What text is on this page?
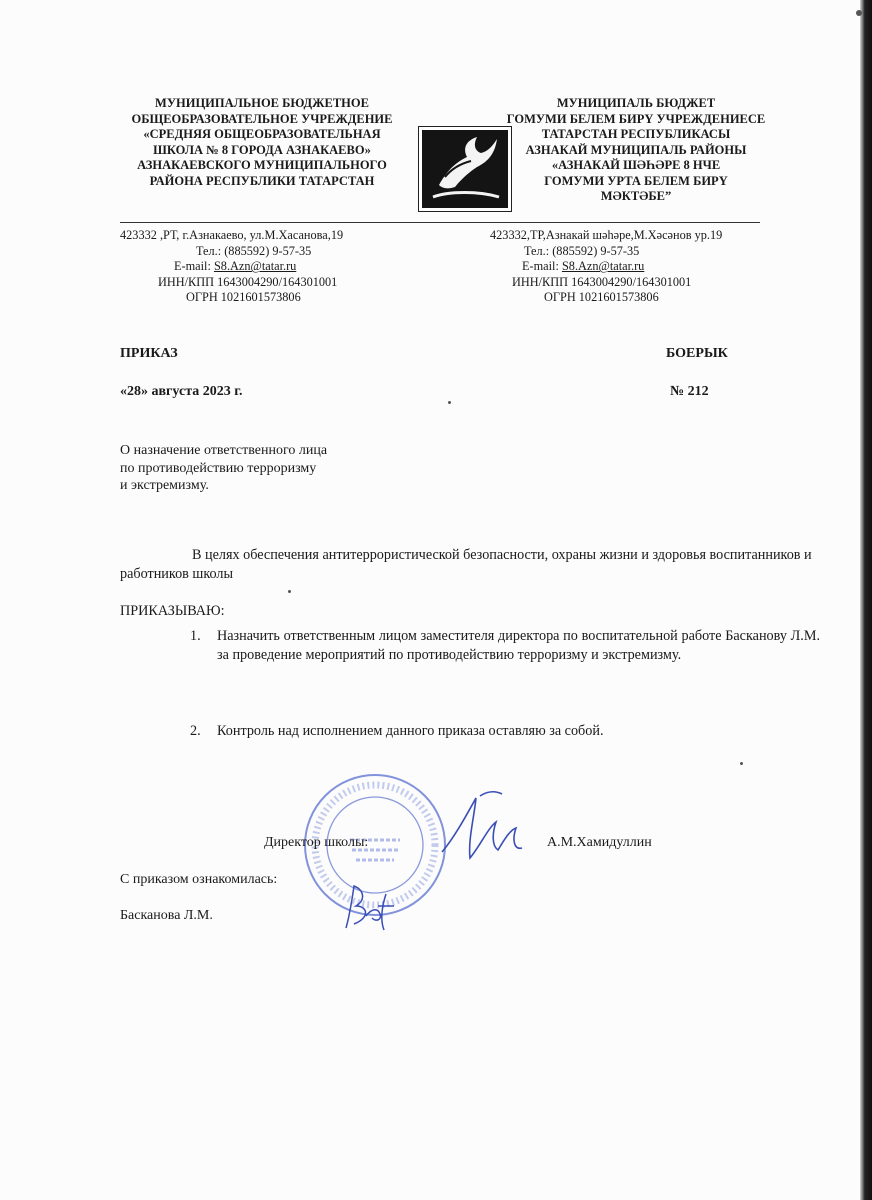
МУНИЦИПАЛЬНОЕ БЮДЖЕТНОЕ
ОБЩЕОБРАЗОВАТЕЛЬНОЕ УЧРЕЖДЕНИЕ
«СРЕДНЯЯ ОБЩЕОБРАЗОВАТЕЛЬНАЯ
ШКОЛА № 8 ГОРОДА АЗНАКАЕВО»
АЗНАКАЕВСКОГО МУНИЦИПАЛЬНОГО
РАЙОНА РЕСПУБЛИКИ ТАТАРСТАН
МУНИЦИПАЛЬ БЮДЖЕТ
ГОМУМИ БЕЛЕМ БИРҮ УЧРЕЖДЕНИЕСЕ
ТАТАРСТАН РЕСПУБЛИКАСЫ
АЗНАКАЙ МУНИЦИПАЛЬ РАЙОНЫ
«АЗНАКАЙ ШӘҺӘРЕ 8 НЧЕ
ГОМУМИ УРТА БЕЛЕМ БИРҮ
МӘКТӘБЕ”
423332 ,РТ, г.Азнакаево, ул.М.Хасанова,19
Тел.: (885592) 9-57-35
E-mail: S8.Azn@tatar.ru
ИНН/КПП 1643004290/164301001
ОГРН 1021601573806
423332,ТР,Азнакай шәһәре,М.Хәсәнов ур.19
Тел.: (885592) 9-57-35
E-mail: S8.Azn@tatar.ru
ИНН/КПП 1643004290/164301001
ОГРН 1021601573806
ПРИКАЗ	БОЕРЫК
«28» августа 2023 г.	№ 212
О назначение ответственного лица
по противодействию терроризму
и экстремизму.
В целях обеспечения антитеррористической безопасности, охраны жизни и здоровья воспитанников и работников школы
ПРИКАЗЫВАЮ:
1. Назначить ответственным лицом заместителя директора по воспитательной работе Басканову Л.М. за проведение мероприятий по противодействию терроризму и экстремизму.
2. Контроль над исполнением данного приказа оставляю за собой.
Директор школы:	А.М.Хамидуллин
С приказом ознакомилась:
Басканова Л.М.
